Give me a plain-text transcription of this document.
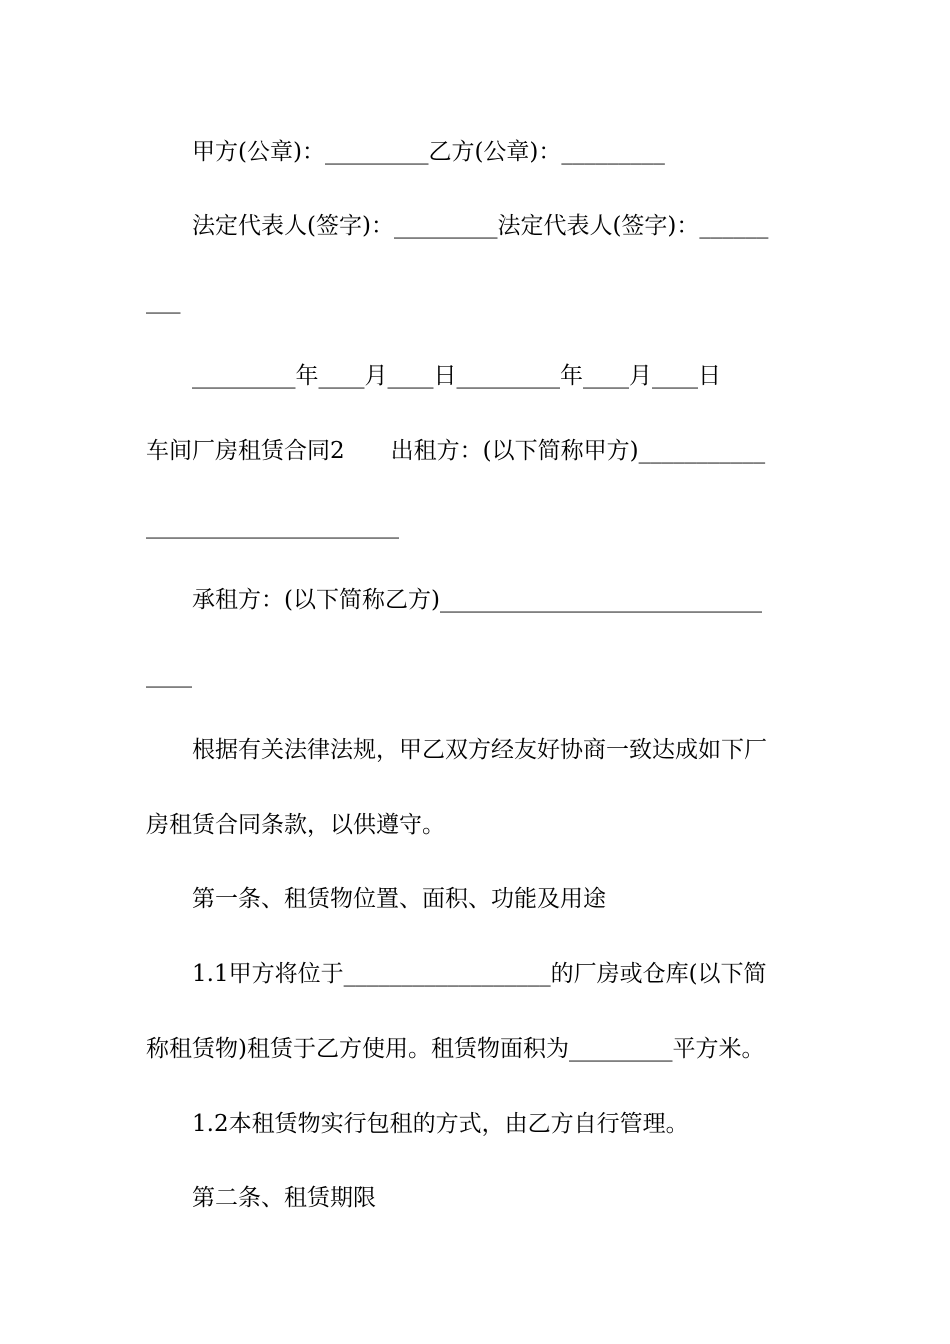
甲方(公章)：_________乙方(公章)：_________
法定代表人(签字)：_________法定代表人(签字)：______
___
_________年____月____日_________年____月____日
车间厂房租赁合同2　　出租方：(以下简称甲方)___________
______________________
承租方：(以下简称乙方)____________________________
____
根据有关法律法规，甲乙双方经友好协商一致达成如下厂
房租赁合同条款，以供遵守。
第一条、租赁物位置、面积、功能及用途
1.1甲方将位于__________________的厂房或仓库(以下简
称租赁物)租赁于乙方使用。租赁物面积为_________平方米。
1.2本租赁物实行包租的方式，由乙方自行管理。
第二条、租赁期限
